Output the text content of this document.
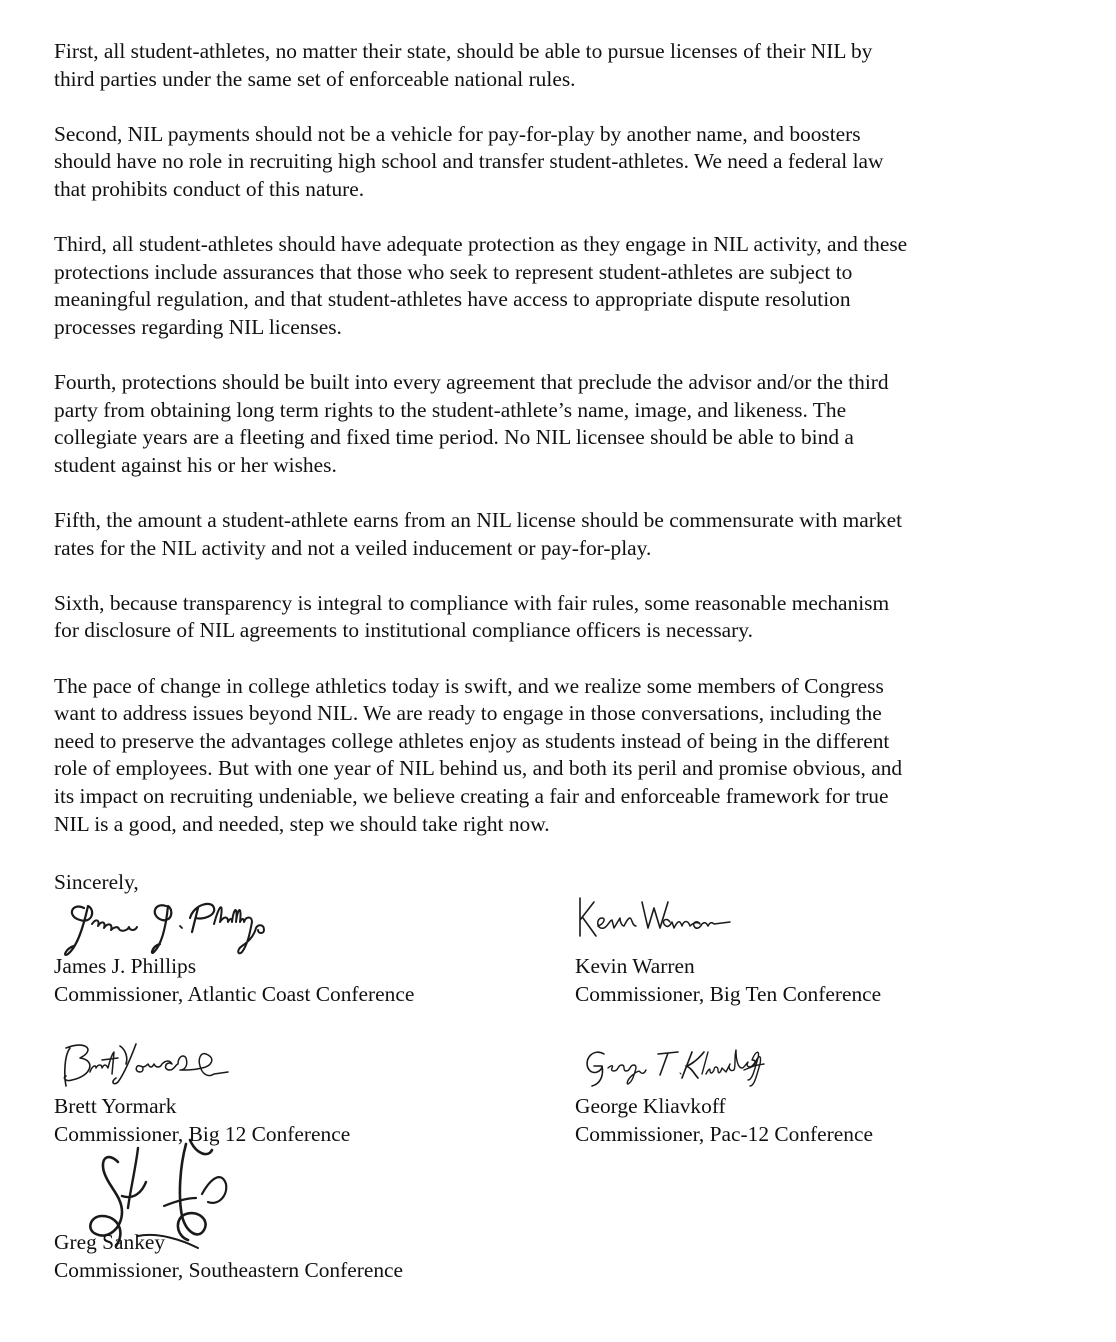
First, all student-athletes, no matter their state, should be able to pursue licenses of their NIL by
third parties under the same set of enforceable national rules.

Second, NIL payments should not be a vehicle for pay-for-play by another name, and boosters
should have no role in recruiting high school and transfer student-athletes. We need a federal law
that prohibits conduct of this nature.

Third, all student-athletes should have adequate protection as they engage in NIL activity, and these
protections include assurances that those who seek to represent student-athletes are subject to
meaningful regulation, and that student-athletes have access to appropriate dispute resolution
processes regarding NIL licenses.

Fourth, protections should be built into every agreement that preclude the advisor and/or the third
party from obtaining long term rights to the student-athlete’s name, image, and likeness. The
collegiate years are a fleeting and fixed time period. No NIL licensee should be able to bind a
student against his or her wishes.

Fifth, the amount a student-athlete earns from an NIL license should be commensurate with market
rates for the NIL activity and not a veiled inducement or pay-for-play.

Sixth, because transparency is integral to compliance with fair rules, some reasonable mechanism
for disclosure of NIL agreements to institutional compliance officers is necessary.

The pace of change in college athletics today is swift, and we realize some members of Congress
want to address issues beyond NIL. We are ready to engage in those conversations, including the
need to preserve the advantages college athletes enjoy as students instead of being in the different
role of employees. But with one year of NIL behind us, and both its peril and promise obvious, and
its impact on recruiting undeniable, we believe creating a fair and enforceable framework for true
NIL is a good, and needed, step we should take right now.

Sincerely,
James J. Phillips
Commissioner, Atlantic Coast Conference
Kevin Warren
Commissioner, Big Ten Conference
Brett Yormark
Commissioner, Big 12 Conference
George Kliavkoff
Commissioner, Pac-12 Conference
Greg Sankey
Commissioner, Southeastern Conference
